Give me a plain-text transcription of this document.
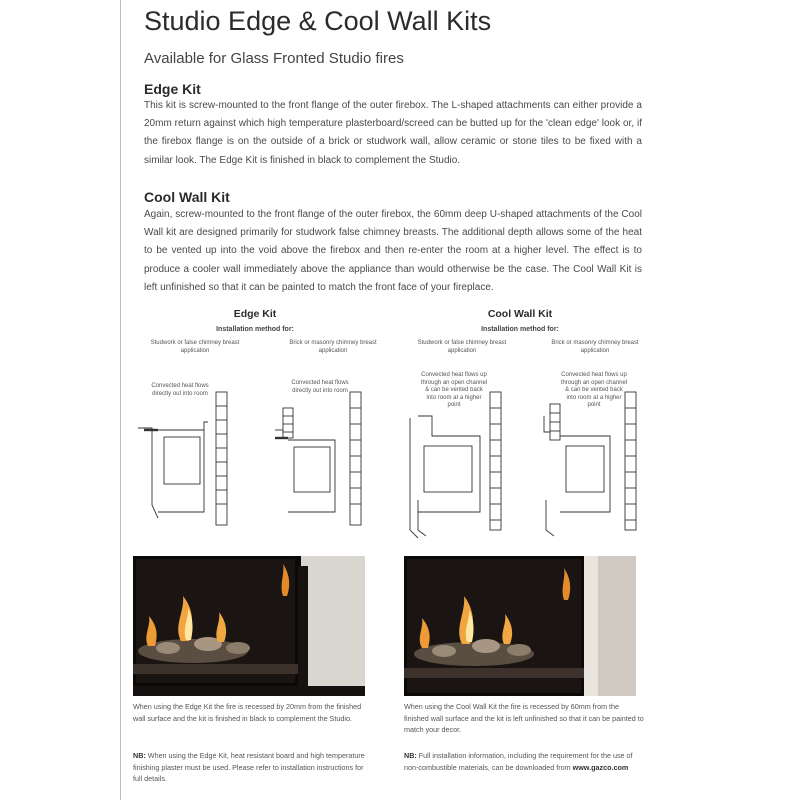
Studio Edge & Cool Wall Kits
Available for Glass Fronted Studio fires
Edge Kit
This kit is screw-mounted to the front flange of the outer firebox. The L-shaped attachments can either provide a 20mm return against which high temperature plasterboard/screed can be butted up for the 'clean edge' look or, if the firebox flange is on the outside of a brick or studwork wall, allow ceramic or stone tiles to be fixed with a similar look. The Edge Kit is finished in black to complement the Studio.
Cool Wall Kit
Again, screw-mounted to the front flange of the outer firebox, the 60mm deep U-shaped attachments of the Cool Wall kit are designed primarily for studwork false chimney breasts. The additional depth allows some of the heat to be vented up into the void above the firebox and then re-enter the room at a higher level. The effect is to produce a cooler wall immediately above the appliance than would otherwise be the case. The Cool Wall Kit is left unfinished so that it can be painted to match the front face of your fireplace.
Edge Kit
Installation method for:
Studwork or false chimney breast application
Brick or masonry chimney breast application
Convected heat flows directly out into room
Convected heat flows directly out into room
Cool Wall Kit
Installation method for:
Studwork or false chimney breast application
Brick or masonry chimney breast application
Convected heat flows up through an open channel & can be vented back into room at a higher point
Convected heat flows up through an open channel & can be vented back into room at a higher point
When using the Edge Kit the fire is recessed by 20mm from the finished wall surface and the kit is finished in black to complement the Studio.
When using the Cool Wall Kit the fire is recessed by 60mm from the finished wall surface and the kit is left unfinished so that it can be painted to match your decor.
NB: When using the Edge Kit, heat resistant board and high temperature finishing plaster must be used. Please refer to installation instructions for full details.
NB: Full installation information, including the requirement for the use of non-combustible materials, can be downloaded from www.gazco.com
